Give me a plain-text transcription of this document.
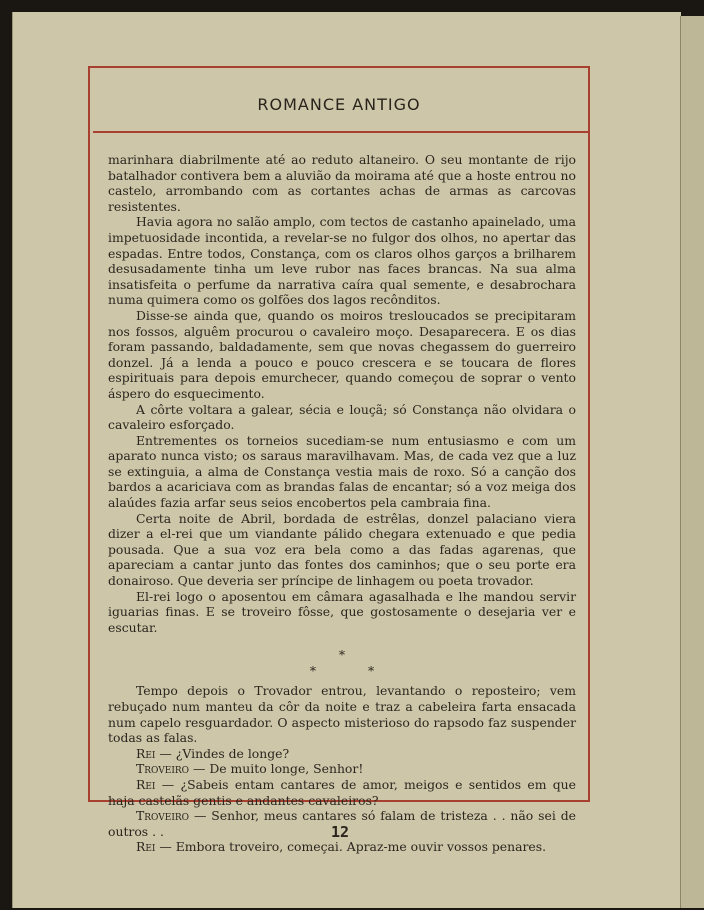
ROMANCE ANTIGO

marinhara diabrilmente até ao reduto altaneiro. O seu montante de rijo batalhador contivera bem a aluvião da moirama até que a hoste entrou no castelo, arrombando com as cortantes achas de armas as carcovas resistentes.

Havia agora no salão amplo, com tectos de castanho apainelado, uma impetuosidade incontida, a revelar-se no fulgor dos olhos, no apertar das espadas. Entre todos, Constança, com os claros olhos garços a brilharem desusadamente tinha um leve rubor nas faces brancas. Na sua alma insatisfeita o perfume da narrativa caíra qual semente, e desabrochara numa quimera como os golfões dos lagos recônditos.

Disse-se ainda que, quando os moiros tresloucados se precipitaram nos fossos, alguêm procurou o cavaleiro moço. Desaparecera. E os dias foram passando, baldadamente, sem que novas chegassem do guerreiro donzel. Já a lenda a pouco e pouco crescera e se toucara de flores espirituais para depois emurchecer, quando começou de soprar o vento áspero do esquecimento.

A côrte voltara a galear, sécia e louçã; só Constança não olvidara o cavaleiro esforçado.

Entrementes os torneios sucediam-se num entusiasmo e com um aparato nunca visto; os saraus maravilhavam. Mas, de cada vez que a luz se extinguia, a alma de Constança vestia mais de roxo. Só a canção dos bardos a acariciava com as brandas falas de encantar; só a voz meiga dos alaúdes fazia arfar seus seios encobertos pela cambraia fina.

Certa noite de Abril, bordada de estrêlas, donzel palaciano viera dizer a el-rei que um viandante pálido chegara extenuado e que pedia pousada. Que a sua voz era bela como a das fadas agarenas, que apareciam a cantar junto das fontes dos caminhos; que o seu porte era donairoso. Que deveria ser príncipe de linhagem ou poeta trovador.

El-rei logo o aposentou em câmara agasalhada e lhe mandou servir iguarias finas. E se troveiro fôsse, que gostosamente o desejaria ver e escutar.

*
* *

Tempo depois o Trovador entrou, levantando o reposteiro; vem rebuçado num manteu da côr da noite e traz a cabeleira farta ensacada num capelo resguardador. O aspecto misterioso do rapsodo faz suspender todas as falas.

Rei — ¿Vindes de longe?

Troveiro — De muito longe, Senhor!

Rei — ¿Sabeis entam cantares de amor, meigos e sentidos em que haja castelãs gentis e andantes cavaleiros?

Troveiro — Senhor, meus cantares só falam de tristeza . . não sei de outros . .

Rei — Embora troveiro, começai. Apraz-me ouvir vossos penares.

12
